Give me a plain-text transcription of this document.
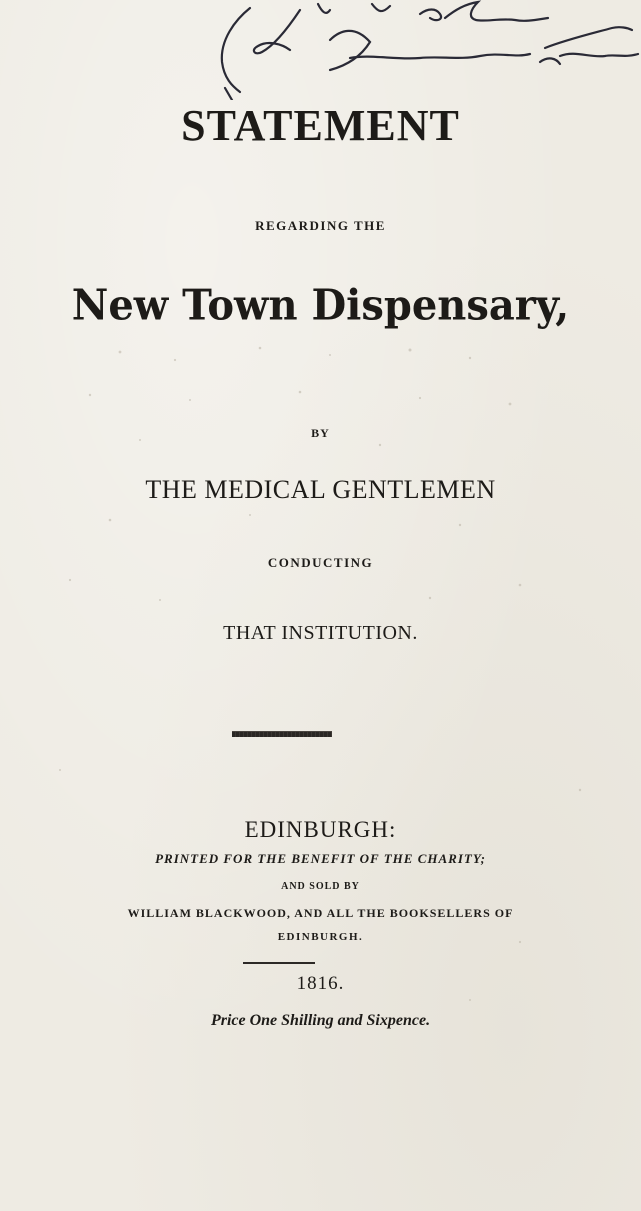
STATEMENT
REGARDING THE
New Town Dispensary,
BY
THE MEDICAL GENTLEMEN
CONDUCTING
THAT INSTITUTION.
EDINBURGH:
PRINTED FOR THE BENEFIT OF THE CHARITY;
AND SOLD BY
WILLIAM BLACKWOOD, AND ALL THE BOOKSELLERS OF
EDINBURGH.
1816.
Price One Shilling and Sixpence.
